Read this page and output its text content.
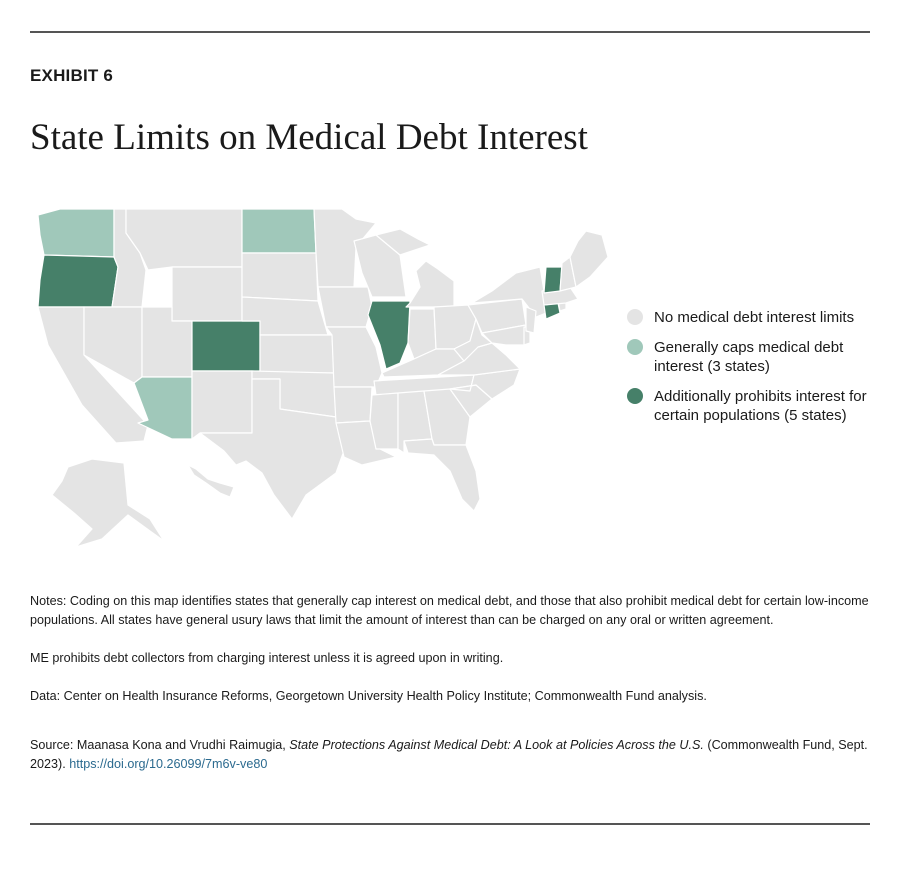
EXHIBIT 6
State Limits on Medical Debt Interest
No medical debt interest limits
Generally caps medical debt interest (3 states)
Additionally prohibits interest for certain populations (5 states)

Notes: Coding on this map identifies states that generally cap interest on medical debt, and those that also prohibit medical debt for certain low-income populations. All states have general usury laws that limit the amount of interest than can be charged on any oral or written agreement.

ME prohibits debt collectors from charging interest unless it is agreed upon in writing.

Data: Center on Health Insurance Reforms, Georgetown University Health Policy Institute; Commonwealth Fund analysis.

Source: Maanasa Kona and Vrudhi Raimugia, State Protections Against Medical Debt: A Look at Policies Across the U.S. (Commonwealth Fund, Sept. 2023). https://doi.org/10.26099/7m6v-ve80
